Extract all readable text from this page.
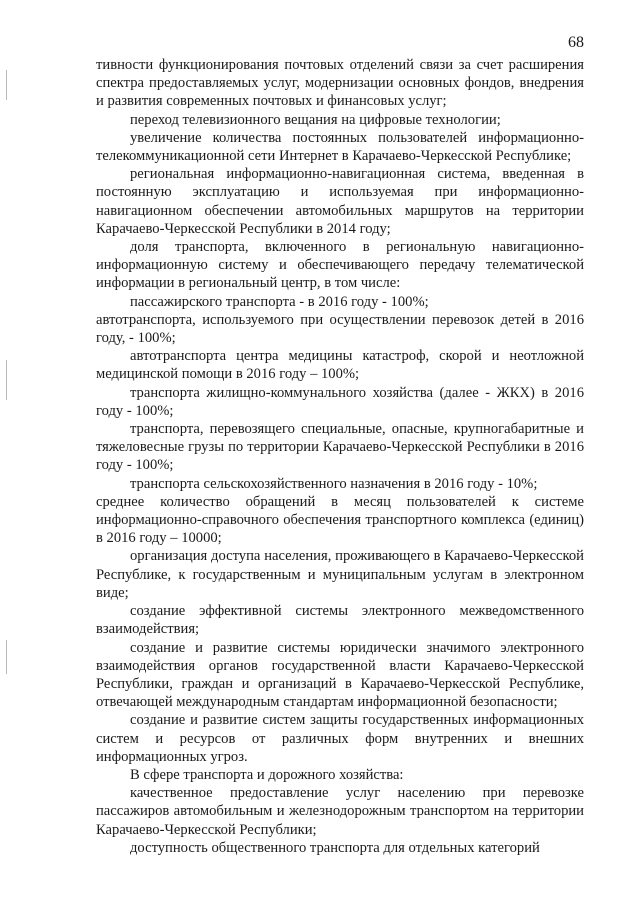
68

тивности функционирования почтовых отделений связи за счет расширения спектра предоставляемых услуг, модернизации основных фондов, внедрения и развития современных почтовых и финансовых услуг;

переход телевизионного вещания на цифровые технологии;

увеличение количества постоянных пользователей информационно-телекоммуникационной сети Интернет в Карачаево-Черкесской Республике;

региональная информационно-навигационная система, введенная в постоянную эксплуатацию и используемая при информационно-навигационном обеспечении автомобильных маршрутов на территории Карачаево-Черкесской Республики в 2014 году;

доля транспорта, включенного в региональную навигационно-информационную систему и обеспечивающего передачу телематической информации в региональный центр, в том числе:

пассажирского транспорта - в 2016 году - 100%;

автотранспорта, используемого при осуществлении перевозок детей в 2016 году, - 100%;

автотранспорта центра медицины катастроф, скорой и неотложной медицинской помощи в 2016 году – 100%;

транспорта жилищно-коммунального хозяйства (далее - ЖКХ) в 2016 году - 100%;

транспорта, перевозящего специальные, опасные, крупногабаритные и тяжеловесные грузы по территории Карачаево-Черкесской Республики в 2016 году - 100%;

транспорта сельскохозяйственного назначения в 2016 году - 10%;

среднее количество обращений в месяц пользователей к системе информационно-справочного обеспечения транспортного комплекса (единиц) в 2016 году – 10000;

организация доступа населения, проживающего в Карачаево-Черкесской Республике, к государственным и муниципальным услугам в электронном виде;

создание эффективной системы электронного межведомственного взаимодействия;

создание и развитие системы юридически значимого электронного взаимодействия органов государственной власти Карачаево-Черкесской Республики, граждан и организаций в Карачаево-Черкесской Республике, отвечающей международным стандартам информационной безопасности;

создание и развитие систем защиты государственных информационных систем и ресурсов от различных форм внутренних и внешних информационных угроз.

В сфере транспорта и дорожного хозяйства:

качественное предоставление услуг населению при перевозке пассажиров автомобильным и железнодорожным транспортом на территории Карачаево-Черкесской Республики;

доступность общественного транспорта для отдельных категорий
